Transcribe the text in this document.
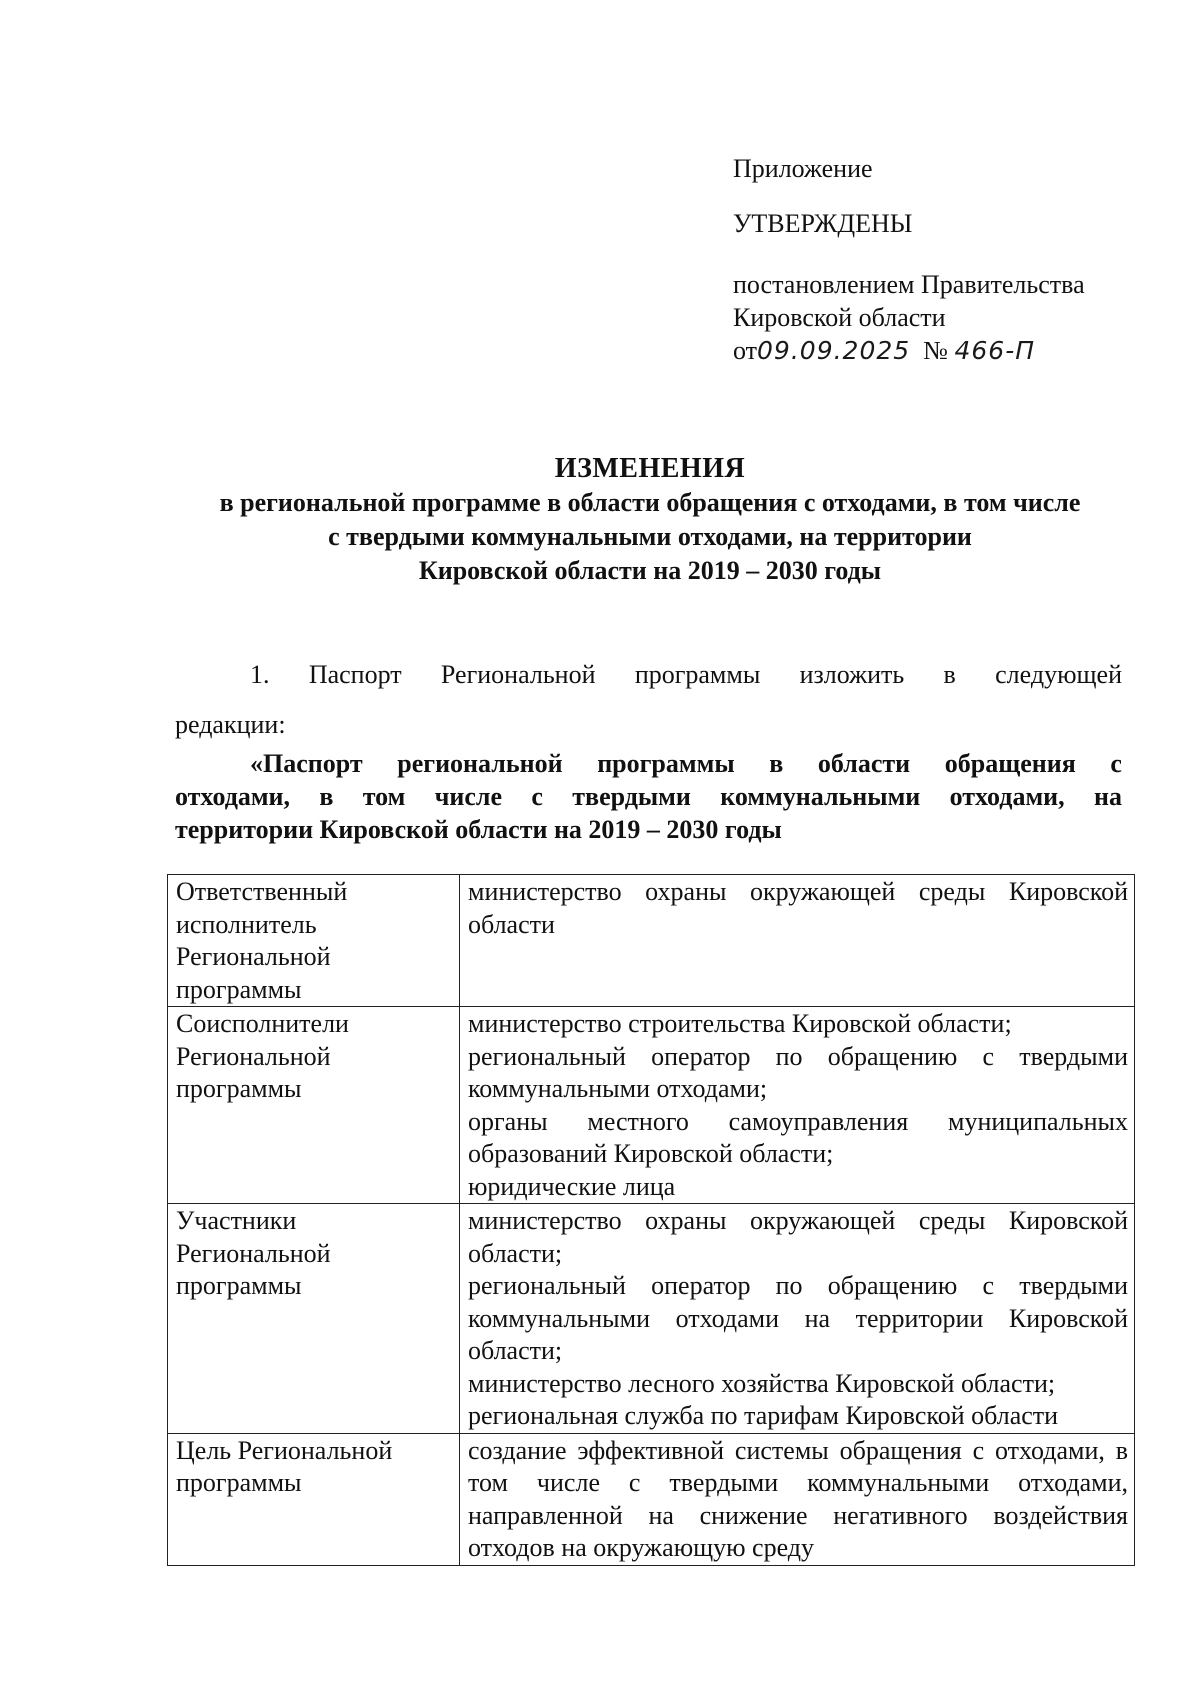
Приложение
УТВЕРЖДЕНЫ
постановлением Правительства
Кировской области
от09.09.2025 № 466-П
ИЗМЕНЕНИЯ
в региональной программе в области обращения с отходами, в том числе
с твердыми коммунальными отходами, на территории
Кировской области на 2019 – 2030 годы
1. Паспорт Региональной программы изложить в следующей
редакции:
«Паспорт региональной программы в области обращения с
отходами, в том числе с твердыми коммунальными отходами, на
территории Кировской области на 2019 – 2030 годы
Ответственный исполнитель Региональной программы	министерство охраны окружающей среды Кировской области

Соисполнители Региональной программы	министерство строительства Кировской области;
региональный оператор по обращению с твердыми коммунальными отходами;
органы местного самоуправления муниципальных образований Кировской области;
юридические лица

Участники Региональной программы	министерство охраны окружающей среды Кировской области;
региональный оператор по обращению с твердыми коммунальными отходами на территории Кировской области;
министерство лесного хозяйства Кировской области;
региональная служба по тарифам Кировской области

Цель Региональной программы	создание эффективной системы обращения с отходами, в том числе с твердыми коммунальными отходами, направленной на снижение негативного воздействия отходов на окружающую среду
